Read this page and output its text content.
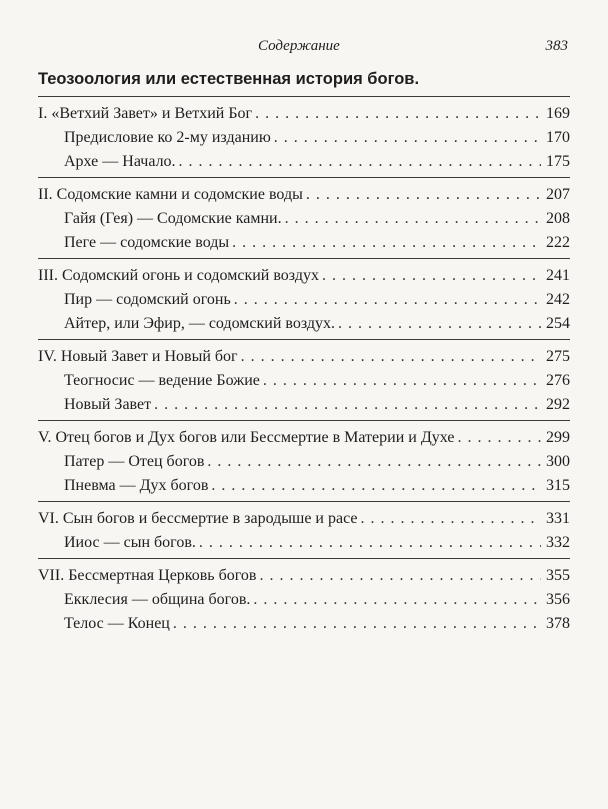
Содержание	383
Теозоология или естественная история богов.
I. «Ветхий Завет» и Ветхий Бог . . .	169
Предисловие ко 2-му изданию . . .	170
Архе — Начало. . . .	175
II. Содомские камни и содомские воды . . .	207
Гайя (Гея) — Содомские камни. . . .	208
Пеге — содомские воды . . .	222
III. Содомский огонь и содомский воздух . . .	241
Пир — содомский огонь . . .	242
Айтер, или Эфир, — содомский воздух. . . .	254
IV. Новый Завет и Новый бог . . .	275
Теогносис — ведение Божие . . .	276
Новый Завет . . .	292
V. Отец богов и Дух богов или Бессмертие в Материи и Духе . . .	299
Патер — Отец богов . . .	300
Пневма — Дух богов . . .	315
VI. Сын богов и бессмертие в зародыше и расе . . .	331
Ииос — сын богов. . . .	332
VII. Бессмертная Церковь богов . . .	355
Екклесия — община богов. . . .	356
Телос — Конец . . .	378
